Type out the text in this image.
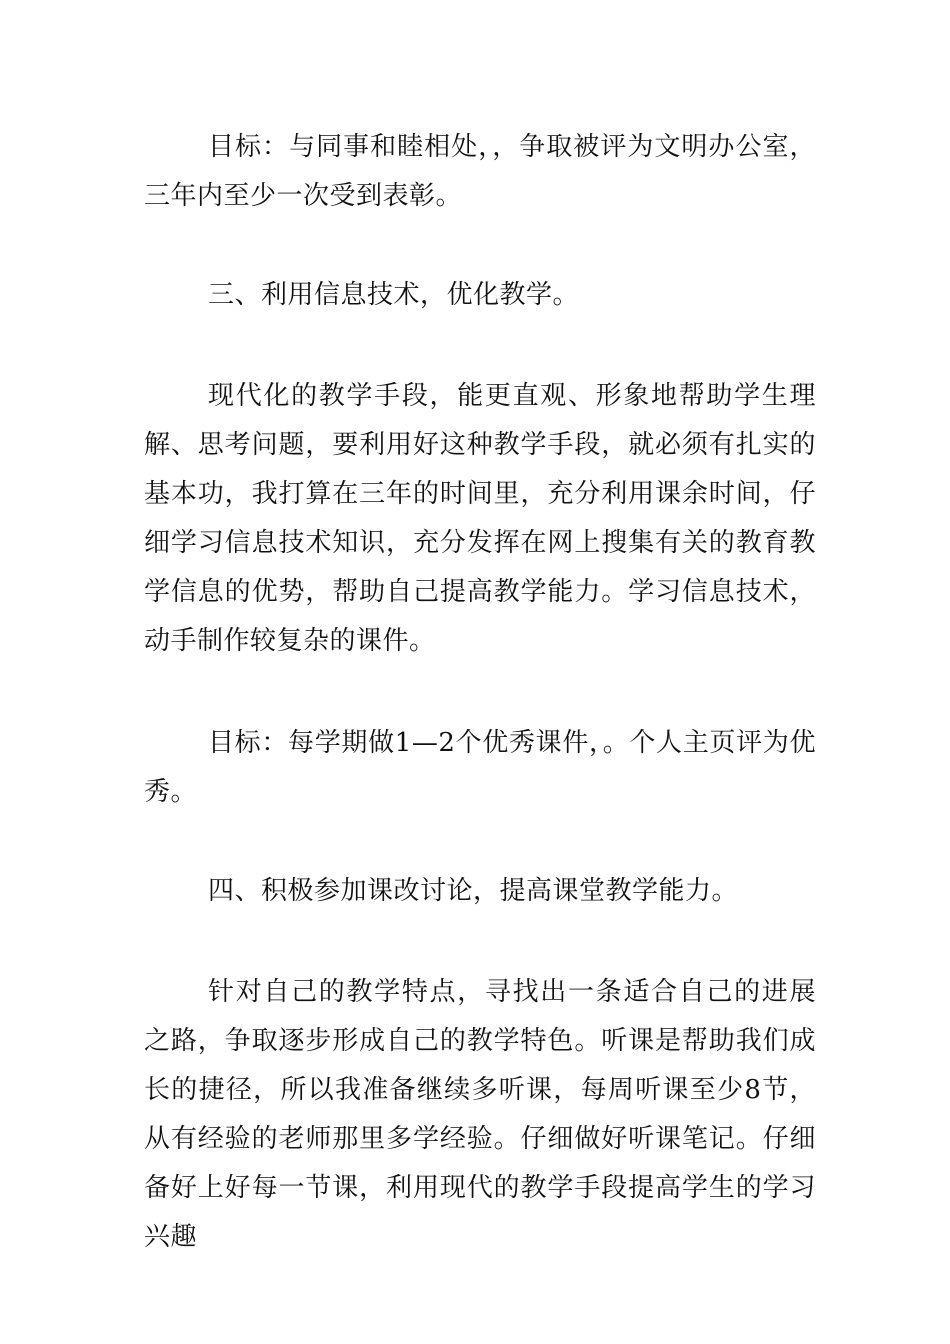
目标：与同事和睦相处，，争取被评为文明办公室，三年内至少一次受到表彰。

三、利用信息技术，优化教学。

现代化的教学手段，能更直观、形象地帮助学生理解、思考问题，要利用好这种教学手段，就必须有扎实的基本功，我打算在三年的时间里，充分利用课余时间，仔细学习信息技术知识，充分发挥在网上搜集有关的教育教学信息的优势，帮助自己提高教学能力。学习信息技术，动手制作较复杂的课件。

目标：每学期做1—2个优秀课件，。个人主页评为优秀。

四、积极参加课改讨论，提高课堂教学能力。

针对自己的教学特点，寻找出一条适合自己的进展之路，争取逐步形成自己的教学特色。听课是帮助我们成长的捷径，所以我准备继续多听课，每周听课至少8节，从有经验的老师那里多学经验。仔细做好听课笔记。仔细备好上好每一节课，利用现代的教学手段提高学生的学习兴趣
